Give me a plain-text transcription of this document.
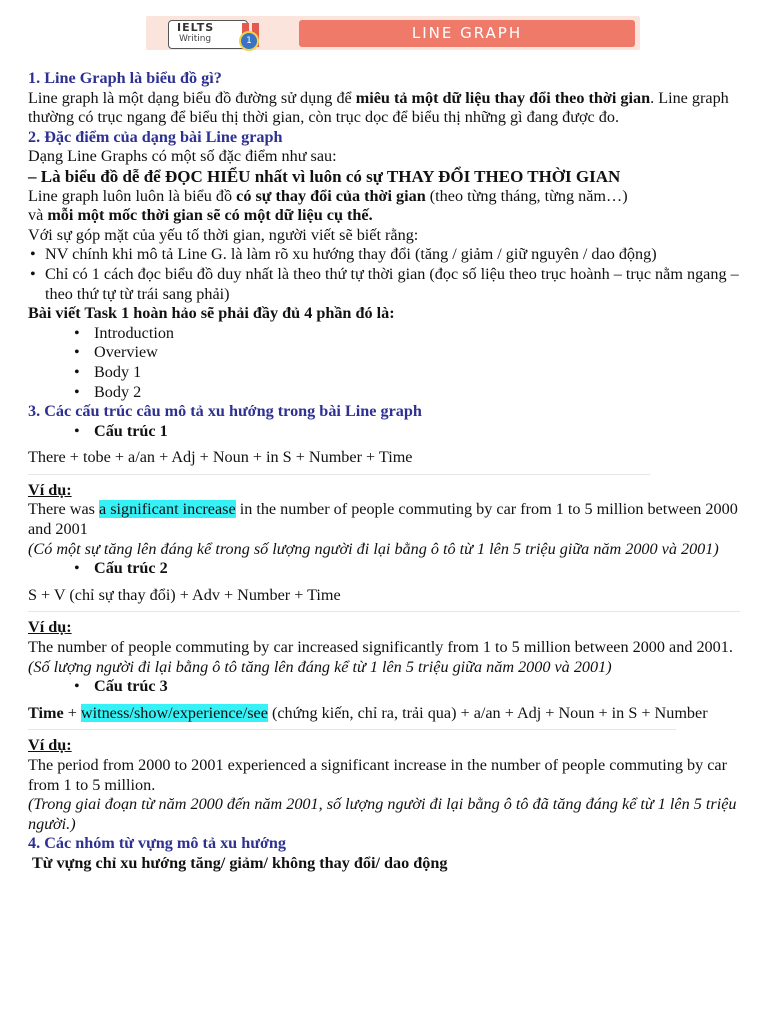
IELTS
Writing	1	LINE GRAPH

1. Line Graph là biểu đồ gì?

Line graph là một dạng biểu đồ đường sử dụng để miêu tả một dữ liệu thay đổi theo thời gian. Line graph thường có trục ngang để biểu thị thời gian, còn trục dọc để biểu thị những gì đang được đo.

2. Đặc điểm của dạng bài Line graph

Dạng Line Graphs có một số đặc điểm như sau:

– Là biểu đồ dễ để ĐỌC HIỂU nhất vì luôn có sự THAY ĐỔI THEO THỜI GIAN

Line graph luôn luôn là biểu đồ có sự thay đổi của thời gian (theo từng tháng, từng năm…)
và mỗi một mốc thời gian sẽ có một dữ liệu cụ thế.

Với sự góp mặt của yếu tố thời gian, người viết sẽ biết rằng:

• NV chính khi mô tả Line G. là làm rõ xu hướng thay đổi (tăng / giảm / giữ nguyên / dao động)

• Chỉ có 1 cách đọc biểu đồ duy nhất là theo thứ tự thời gian (đọc số liệu theo trục hoành – trục nằm ngang – theo thứ tự từ trái sang phải)

Bài viết Task 1 hoàn hảo sẽ phải đầy đủ 4 phần đó là:

• Introduction

• Overview

• Body 1

• Body 2

3. Các cấu trúc câu mô tả xu hướng trong bài Line graph

• Cấu trúc 1

There + tobe + a/an + Adj + Noun + in S + Number + Time

Ví dụ:

There was a significant increase in the number of people commuting by car from 1 to 5 million between 2000 and 2001

(Có một sự tăng lên đáng kể trong số lượng người đi lại bằng ô tô từ 1 lên 5 triệu giữa năm 2000 và 2001)

• Cấu trúc 2

S + V (chỉ sự thay đổi) + Adv + Number + Time

Ví dụ:

The number of people commuting by car increased significantly from 1 to 5 million between 2000 and 2001.

(Số lượng người đi lại bằng ô tô tăng lên đáng kể từ 1 lên 5 triệu giữa năm 2000 và 2001)

• Cấu trúc 3

Time + witness/show/experience/see (chứng kiến, chỉ ra, trải qua) + a/an + Adj + Noun + in S + Number

Ví dụ:

The period from 2000 to 2001 experienced a significant increase in the number of people commuting by car from 1 to 5 million.

(Trong giai đoạn từ năm 2000 đến năm 2001, số lượng người đi lại bằng ô tô đã tăng đáng kể từ 1 lên 5 triệu người.)

4. Các nhóm từ vựng mô tả xu hướng

Từ vựng chỉ xu hướng tăng/ giảm/ không thay đổi/ dao động
